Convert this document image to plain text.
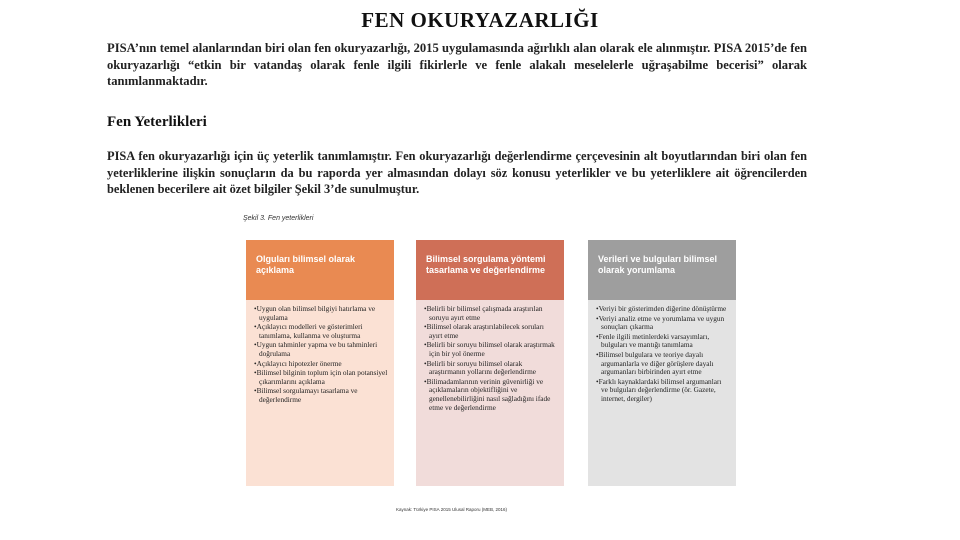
FEN OKURYAZARLIĞI
PISA’nın temel alanlarından biri olan fen okuryazarlığı, 2015 uygulamasında ağırlıklı alan olarak ele alınmıştır. PISA 2015’de fen okuryazarlığı “etkin bir vatandaş olarak fenle ilgili fikirlerle ve fenle alakalı meselelerle uğraşabilme becerisi” olarak tanımlanmaktadır.
Fen Yeterlikleri
PISA fen okuryazarlığı için üç yeterlik tanımlamıştır. Fen okuryazarlığı değerlendirme çerçevesinin alt boyutlarından biri olan fen yeterliklerine ilişkin sonuçların da bu raporda yer almasından dolayı söz konusu yeterlikler ve bu yeterliklere ait öğrencilerden beklenen becerilere ait özet bilgiler Şekil 3’de sunulmuştur.
Şekil 3. Fen yeterlikleri
Olguları bilimsel olarak açıklama
• Uygun olan bilimsel bilgiyi hatırlama ve uygulama
• Açıklayıcı modelleri ve gösterimleri tanımlama, kullanma ve oluşturma
• Uygun tahminler yapma ve bu tahminleri doğrulama
• Açıklayıcı hipotezler önerme
• Bilimsel bilginin toplum için olan potansiyel çıkarımlarını açıklama
• Bilimsel sorgulamayı tasarlama ve değerlendirme
Bilimsel sorgulama yöntemi tasarlama ve değerlendirme
• Belirli bir bilimsel çalışmada araştırılan soruyu ayırt etme
• Bilimsel olarak araştırılabilecek soruları ayırt etme
• Belirli bir soruyu bilimsel olarak araştırmak için bir yol önerme
• Belirli bir soruyu bilimsel olarak araştırmanın yollarını değerlendirme
• Bilimadamlarının verinin güvenirliği ve açıklamaların objektifliğini ve genellenebilirliğini nasıl sağladığını ifade etme ve değerlendirme
Verileri ve bulguları bilimsel olarak yorumlama
• Veriyi bir gösterimden diğerine dönüştürme
• Veriyi analiz etme ve yorumlama ve uygun sonuçları çıkarma
• Fenle ilgili metinlerdeki varsayımları, bulguları ve mantığı tanımlama
• Bilimsel bulgulara ve teoriye dayalı argumanlarla ve diğer görüşlere dayalı argumanları birbirinden ayırt etme
• Farklı kaynaklardaki bilimsel argumanları ve bulguları değerlendirme (ör. Gazete, internet, dergiler)
Kaynak: Türkiye PISA 2015 Ulusal Raporu (MEB, 2016)
